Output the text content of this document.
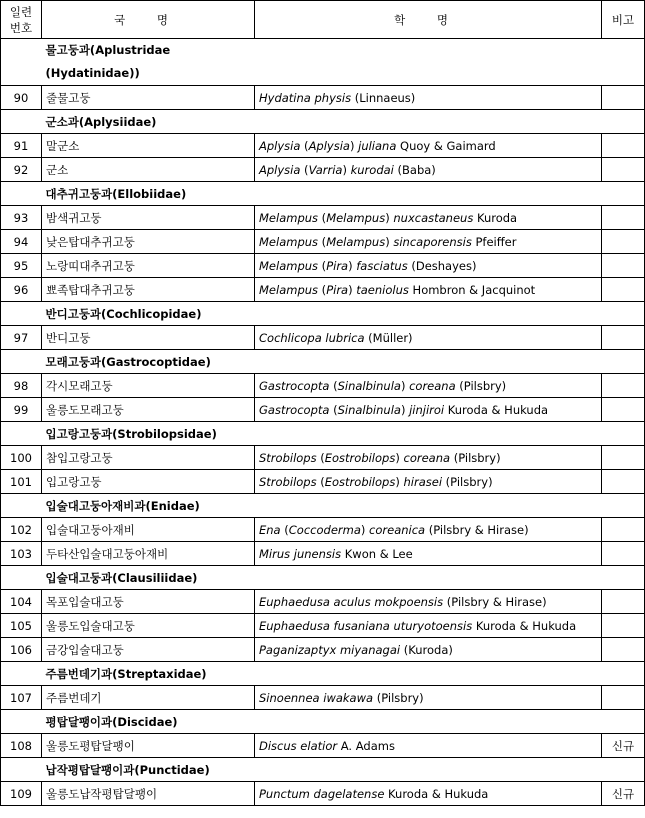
일련
번호	국 명	학 명	비고
	물고둥과(Aplustridae
(Hydatinidae))		
90	줄물고둥	Hydatina physis (Linnaeus)	
	군소과(Aplysiidae)		
91	말군소	Aplysia (Aplysia) juliana Quoy & Gaimard	
92	군소	Aplysia (Varria) kurodai (Baba)	
	대추귀고둥과(Ellobiidae)		
93	밤색귀고둥	Melampus (Melampus) nuxcastaneus Kuroda	
94	낮은탑대추귀고둥	Melampus (Melampus) sincaporensis Pfeiffer	
95	노랑띠대추귀고둥	Melampus (Pira) fasciatus (Deshayes)	
96	뾰족탑대추귀고둥	Melampus (Pira) taeniolus Hombron & Jacquinot	
	반디고둥과(Cochlicopidae)		
97	반디고둥	Cochlicopa lubrica (Müller)	
	모래고둥과(Gastrocoptidae)		
98	각시모래고둥	Gastrocopta (Sinalbinula) coreana (Pilsbry)	
99	울릉도모래고둥	Gastrocopta (Sinalbinula) jinjiroi Kuroda & Hukuda	
	입고랑고둥과(Strobilopsidae)		
100	참입고랑고둥	Strobilops (Eostrobilops) coreana (Pilsbry)	
101	입고랑고둥	Strobilops (Eostrobilops) hirasei (Pilsbry)	
	입술대고둥아재비과(Enidae)		
102	입술대고둥아재비	Ena (Coccoderma) coreanica (Pilsbry & Hirase)	
103	두타산입술대고둥아재비	Mirus junensis Kwon & Lee	
	입술대고둥과(Clausiliidae)		
104	목포입술대고둥	Euphaedusa aculus mokpoensis (Pilsbry & Hirase)	
105	울릉도입술대고둥	Euphaedusa fusaniana uturyotoensis Kuroda & Hukuda	
106	금강입술대고둥	Paganizaptyx miyanagai (Kuroda)	
	주름번데기과(Streptaxidae)		
107	주름번데기	Sinoennea iwakawa (Pilsbry)	
	평탑달팽이과(Discidae)		
108	울릉도평탑달팽이	Discus elatior A. Adams	신규
	납작평탑달팽이과(Punctidae)		
109	울릉도납작평탑달팽이	Punctum dagelatense Kuroda & Hukuda	신규
